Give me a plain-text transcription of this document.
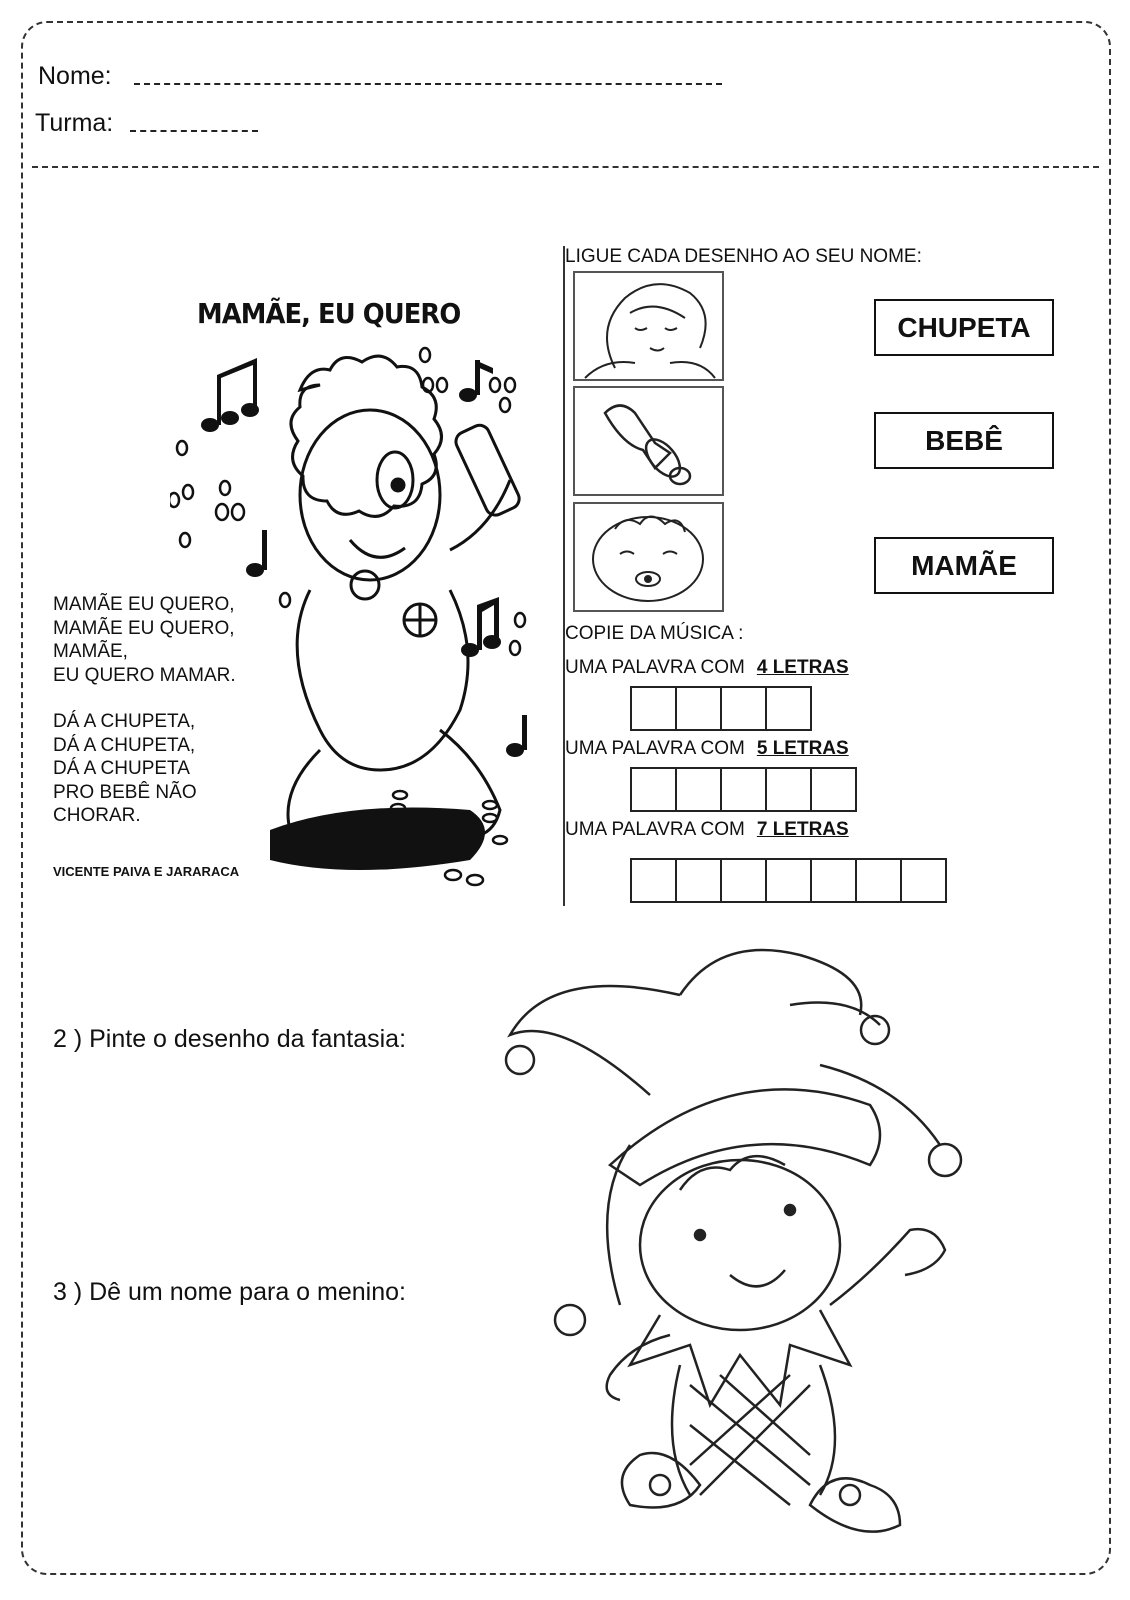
Nome:
Turma:
MAMÃE, EU QUERO

MAMÃE EU QUERO,
MAMÃE EU QUERO,
MAMÃE,
EU QUERO MAMAR.

DÁ A CHUPETA,
DÁ A CHUPETA,
DÁ A CHUPETA
PRO BEBÊ NÃO
CHORAR.

VICENTE PAIVA E JARARACA
LIGUE CADA DESENHO AO SEU NOME:
CHUPETA
BEBÊ
MAMÃE
COPIE DA MÚSICA :
UMA PALAVRA COM 4 LETRAS
UMA PALAVRA COM 5 LETRAS
UMA PALAVRA COM 7 LETRAS
2 ) Pinte o desenho da fantasia:
3 ) Dê um nome para o menino:
